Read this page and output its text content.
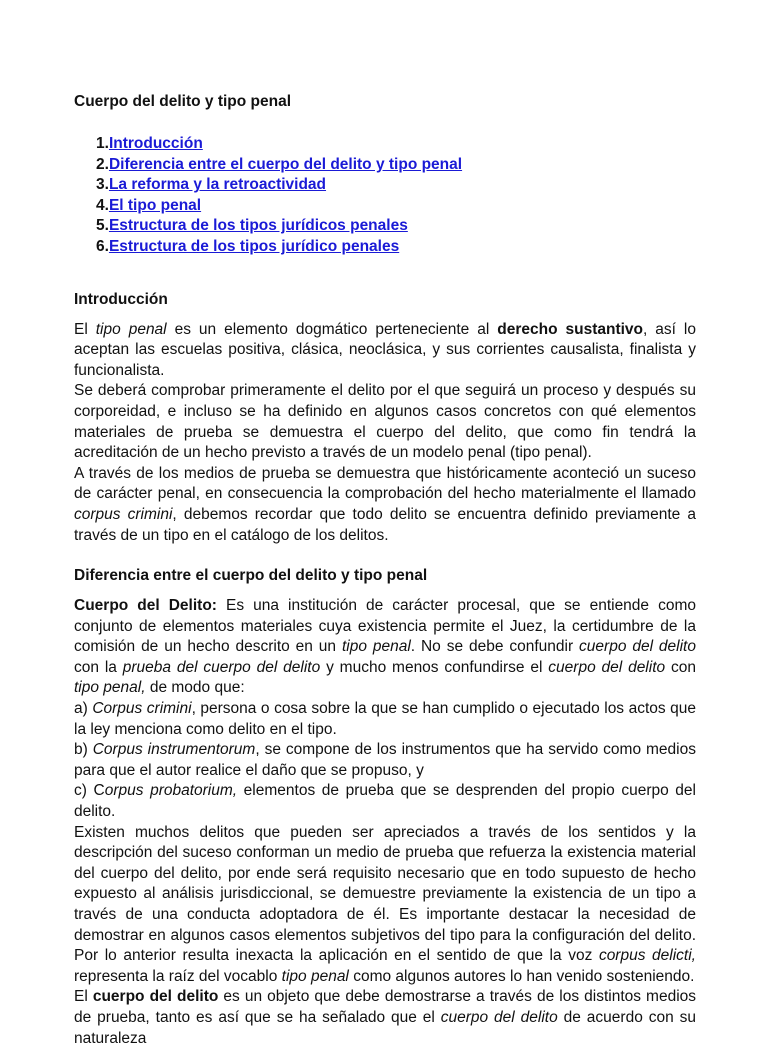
Cuerpo del delito y tipo penal
1.Introducción
2.Diferencia entre el cuerpo del delito y tipo penal
3.La reforma y la retroactividad
4.El tipo penal
5.Estructura de los tipos jurídicos penales
6.Estructura de los tipos jurídico penales
Introducción

El tipo penal es un elemento dogmático perteneciente al derecho sustantivo, así lo aceptan las escuelas positiva, clásica, neoclásica, y sus corrientes causalista, finalista y funcionalista.

Se deberá comprobar primeramente el delito por el que seguirá un proceso y después su corporeidad, e incluso se ha definido en algunos casos concretos con qué elementos materiales de prueba se demuestra el cuerpo del delito, que como fin tendrá la acreditación de un hecho previsto a través de un modelo penal (tipo penal).

A través de los medios de prueba se demuestra que históricamente aconteció un suceso de carácter penal, en consecuencia la comprobación del hecho materialmente el llamado corpus crimini, debemos recordar que todo delito se encuentra definido previamente a través de un tipo en el catálogo de los delitos.

Diferencia entre el cuerpo del delito y tipo penal

Cuerpo del Delito: Es una institución de carácter procesal, que se entiende como conjunto de elementos materiales cuya existencia permite el Juez, la certidumbre de la comisión de un hecho descrito en un tipo penal. No se debe confundir cuerpo del delito con la prueba del cuerpo del delito y mucho menos confundirse el cuerpo del delito con tipo penal, de modo que:

a) Corpus crimini, persona o cosa sobre la que se han cumplido o ejecutado los actos que la ley menciona como delito en el tipo.

b) Corpus instrumentorum, se compone de los instrumentos que ha servido como medios para que el autor realice el daño que se propuso, y

c) Corpus probatorium, elementos de prueba que se desprenden del propio cuerpo del delito.

Existen muchos delitos que pueden ser apreciados a través de los sentidos y la descripción del suceso conforman un medio de prueba que refuerza la existencia material del cuerpo del delito, por ende será requisito necesario que en todo supuesto de hecho expuesto al análisis jurisdiccional, se demuestre previamente la existencia de un tipo a través de una conducta adoptadora de él. Es importante destacar la necesidad de demostrar en algunos casos elementos subjetivos del tipo para la configuración del delito. Por lo anterior resulta inexacta la aplicación en el sentido de que la voz corpus delicti, representa la raíz del vocablo tipo penal como algunos autores lo han venido sosteniendo.

El cuerpo del delito es un objeto que debe demostrarse a través de los distintos medios de prueba, tanto es así que se ha señalado que el cuerpo del delito de acuerdo con su naturaleza
